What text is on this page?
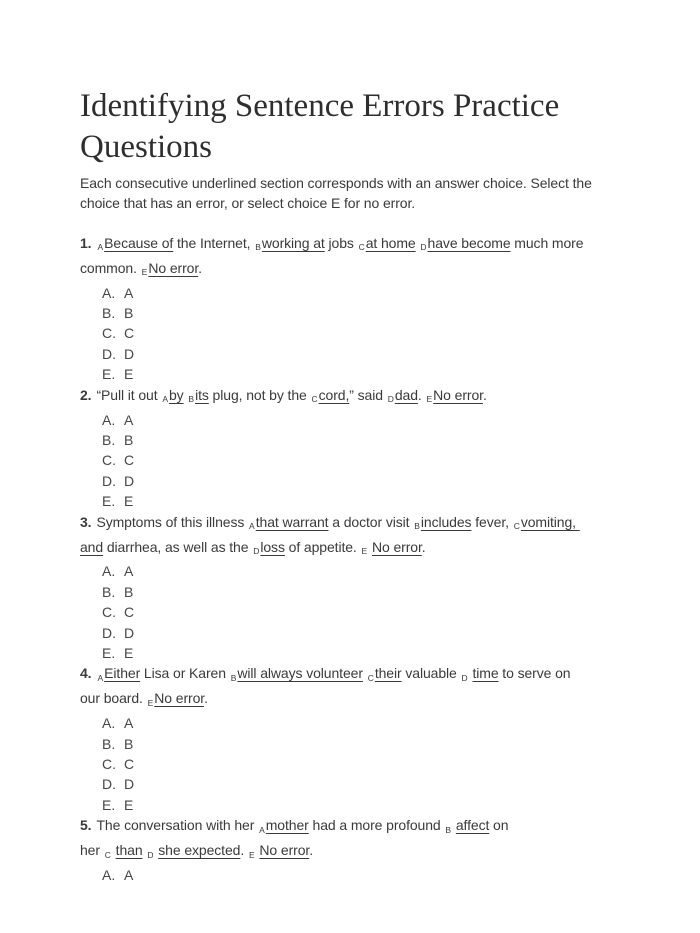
Identifying Sentence Errors Practice Questions

Each consecutive underlined section corresponds with an answer choice. Select the choice that has an error, or select choice E for no error.

1. ABecause of the Internet, Bworking at jobs Cat home Dhave become much more
common. ENo error.
A. A
B. B
C. C
D. D
E. E
2. “Pull it out Aby Bits plug, not by the Ccord,” said Ddad. ENo error.
A. A
B. B
C. C
D. D
E. E
3. Symptoms of this illness Athat warrant a doctor visit Bincludes fever, Cvomiting,
and diarrhea, as well as the Dloss of appetite. E No error.
A. A
B. B
C. C
D. D
E. E
4. AEither Lisa or Karen Bwill always volunteer Ctheir valuable D time to serve on
our board. ENo error.
A. A
B. B
C. C
D. D
E. E
5. The conversation with her Amother had a more profound B affect on
her C than D she expected. E No error.
A. A
